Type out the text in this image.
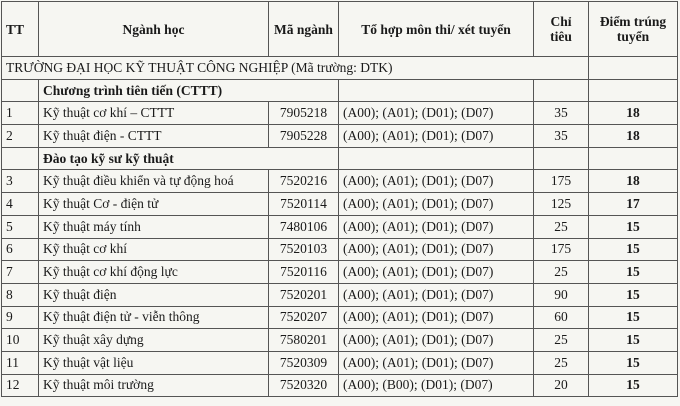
TT	Ngành học	Mã ngành	Tổ hợp môn thi/ xét tuyển	Chỉ tiêu	Điểm trúng tuyển
TRƯỜNG ĐẠI HỌC KỸ THUẬT CÔNG NGHIỆP (Mã trường: DTK)					
	Chương trình tiên tiến (CTTT)				
1	Kỹ thuật cơ khí – CTTT	7905218	(A00); (A01); (D01); (D07)	35	18
2	Kỹ thuật điện - CTTT	7905228	(A00); (A01); (D01); (D07)	35	18
	Đào tạo kỹ sư kỹ thuật				
3	Kỹ thuật điều khiển và tự động hoá	7520216	(A00); (A01); (D01); (D07)	175	18
4	Kỹ thuật Cơ - điện tử	7520114	(A00); (A01); (D01); (D07)	125	17
5	Kỹ thuật máy tính	7480106	(A00); (A01); (D01); (D07)	25	15
6	Kỹ thuật cơ khí	7520103	(A00); (A01); (D01); (D07)	175	15
7	Kỹ thuật cơ khí động lực	7520116	(A00); (A01); (D01); (D07)	25	15
8	Kỹ thuật điện	7520201	(A00); (A01); (D01); (D07)	90	15
9	Kỹ thuật điện tử - viễn thông	7520207	(A00); (A01); (D01); (D07)	60	15
10	Kỹ thuật xây dựng	7580201	(A00); (A01); (D01); (D07)	25	15
11	Kỹ thuật vật liệu	7520309	(A00); (A01); (D01); (D07)	25	15
12	Kỹ thuật môi trường	7520320	(A00); (B00); (D01); (D07)	20	15
